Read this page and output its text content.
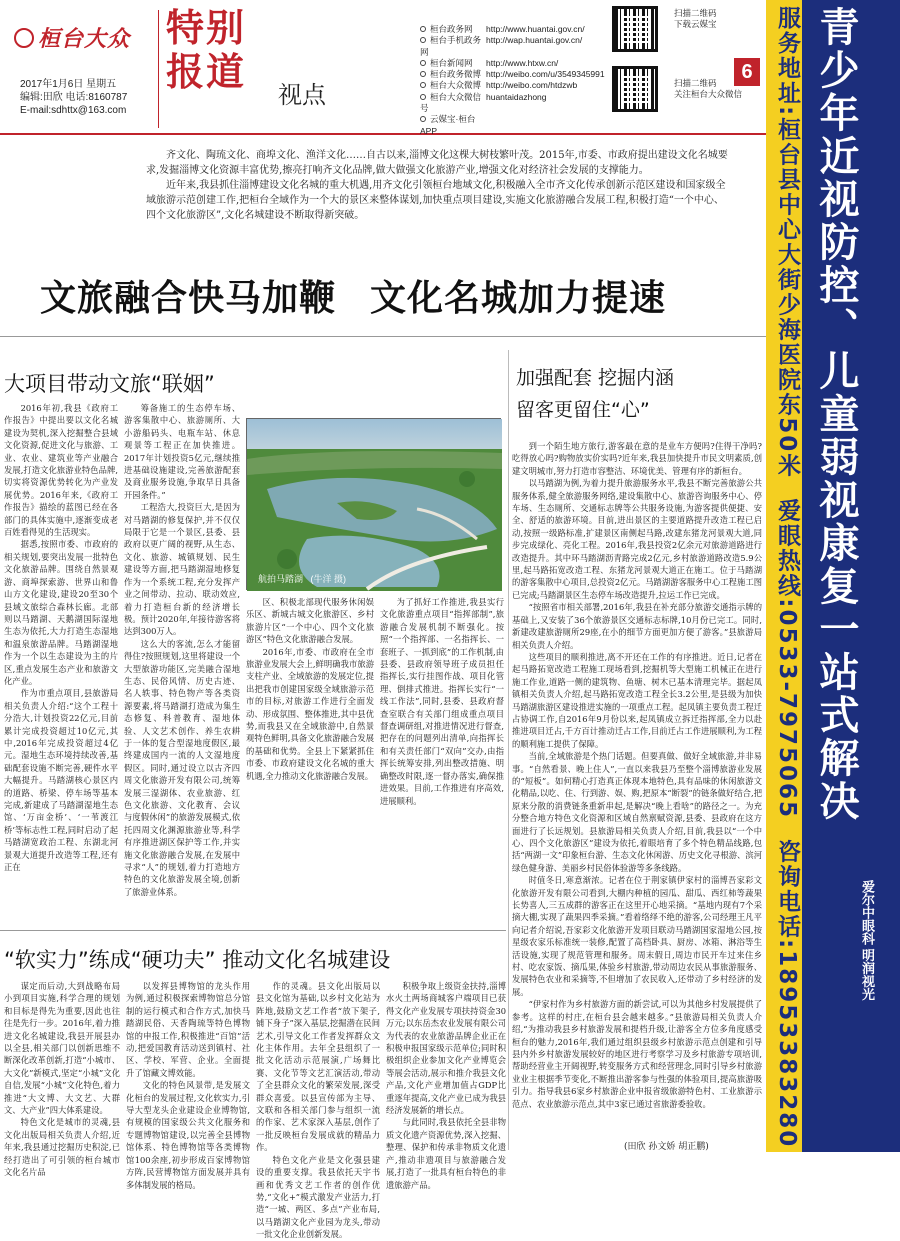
桓台大众
2017年1月6日 星期五
编辑:田欣 电话:8160787
E-mail:sdhttx@163.com
特别
报道
视点
桓台政务网	http://www.huantai.gov.cn/
桓台手机政务网
http://wap.huantai.gov.cn/
桓台新闻网	http://www.htxw.cn/
桓台政务微博 http://weibo.com/u/3549345991
桓台大众微博 http://weibo.com/htdzwb
桓台大众微信号
huantaidazhong
云媒宝·桓台APP
扫描二维码
下载云媒宝
扫描二维码
关注桓台大众微信
6

齐文化、陶琉文化、商埠文化、渔洋文化……自古以来,淄博文化这棵大树枝繁叶茂。2015年,市委、市政府提出建设文化名城要求,发掘淄博文化资源丰富优势,擦亮打响齐文化品牌,做大做强文化旅游产业,增强文化对经济社会发展的支撑能力。

近年来,我县抓住淄博建设文化名城的重大机遇,用齐文化引领桓台地域文化,积极融入全市齐文化传承创新示范区建设和国家级全域旅游示范创建工作,把桓台全域作为一个大的景区来整体谋划,加快重点项目建设,实施文化旅游融合发展工程,积极打造“一个中心、四个文化旅游区”,文化名城建设不断取得新突破。

文旅融合快马加鞭 文化名城加力提速
大项目带动文旅“联姻”

2016年初,我县《政府工作报告》中提出要以文化名城建设为契机,深入挖掘整合县域文化资源,促进文化与旅游、工业、农业、建筑业等产业融合发展,打造文化旅游业特色品牌,切实将资源优势转化为产业发展优势。2016年来,《政府工作报告》描绘的蓝图已经在各部门的具体实施中,逐渐变成老百姓看得见的生活现实。

据悉,按照市委、市政府的相关规划,要突出发展一批特色文化旅游品牌。围绕自然景观游、商埠探索游、世界山和鲁山方文化建设,建设20至30个县域文旅综合森林长廊。北部则以马踏湖、天鹅湖国际湿地生态为依托,大力打造生态湿地和温泉旅游品牌。马踏湖湿地作为一个以生态建设为主的片区,重点发展生态产业和旅游文化产业。

作为市重点项目,县旅游局相关负责人介绍:“这个工程十分浩大,计划投资22亿元,目前累计完成投资超过10亿元,其中,2016年完成投资超过4亿元。湿地生态环境持续改善,基础配套设施不断完善,硬件水平大幅提升。马踏湖核心景区内的道路、桥梁、停车场等基本完成,新建成了马踏湖湿地生态馆、‘万亩金桥’、‘一苇渡江桥’等标志性工程,同时启动了起马踏湖宽政治工程、东湖北河景观大道提升改造等工程,还有正在

筹备施工的生态停车场、游客集散中心、旅游厕所、大小游船码头、电瓶车站、休息观景等工程正在加快推进。2017年计划投资5亿元,继续推进基础设施建设,完善旅游配套及商业服务设施,争取早日具备开园条件。”

工程浩大,投资巨大,是因为对马踏湖的修复保护,并不仅仅局限于它是一个景区,县委、县政府以更广阔的视野,从生态、文化、旅游、城镇规划、民生建设等方面,把马踏湖湿地修复作为一个系统工程,充分发挥产业之间带动、拉动、联动效应,着力打造桓台新的经济增长极。预计2020年,年接待游客将达到300万人。

这么大的客流,怎么才能留得住?按照规划,这里将建设一个大型旅游功能区,完美融合湿地生态、民俗风情、历史古迹、名人轶事、特色物产等各类资源要素,将马踏湖打造成为集生态修复、科普教育、湿地体验、人文艺术创作、养生农耕于一体的复合型湿地度假区,最终建成国内一流的人文湿地度假区。同时,通过设立以古齐四周文化旅游开发有限公司,统筹发展三湿湖体、农业旅游、红色文化旅游、文化教育、会议与度假休闲”的旅游发展模式,依托四周文化渊源旅游业等,科学有序推进湖区保护等工作,并实施文化旅游融合发展,在发展中寻求“人”的规划,着力打造地方特色的文化旅游发展全境,创新了旅游业体系。

航拍马踏湖 (牛洋 摄)

区、积极北部现代服务休闲娱乐区、新城古城文化旅游区、乡村旅游片区“一个中心、四个文化旅游区”特色文化旅游融合发展。

2016年,市委、市政府在全市旅游业发展大会上,鲜明确我市旅游支柱产业、全域旅游的发展定位,提出把我市创建国家级全域旅游示范市的目标,对旅游工作进行全面发动、形成氛围、整体推进,其中县优势,而我县又在全域旅游中,自然景观特色鲜明,具备文化旅游融合发展的基础和优势。全县上下紧紧抓住市委、市政府建设文化名城的重大机遇,全力推动文化旅游融合发展。

为了抓好工作推进,我县实行文化旅游重点项目“指挥部制”,旅游融合发展机制不断强化。按照“一个指挥部、一名指挥长、一套班子、一抓到底”的工作机制,由县委、县政府领导班子成员担任指挥长,实行挂图作战、项目化管理、倒排式推进。指挥长实行“一线工作法”,同时,县委、县政府督查室联合有关部门组成重点项目督查调研组,对推进情况进行督查,把存在的问题列出清单,向指挥长和有关责任部门“双向”交办,由指挥长统筹安排,列出整改措施、明确整改时限,逐一督办落实,确保推进效果。目前,工作推进有序高效,进展顺利。

加强配套 挖掘内涵
留客更留住“心”

到一个陌生地方旅行,游客最在意的是业车方便吗?住得干净吗?吃得放心吗?购物放实价实吗?近年来,我县加快提升市民文明素质,创建文明城市,努力打造市容整洁、环境优美、管理有序的新桓台。

以马踏湖为例,为着力提升旅游服务水平,我县不断完善旅游公共服务体系,健全旅游服务网络,建设集散中心、旅游咨询服务中心、停车场、生态厕所、交通标志牌等公共服务设施,为游客提供便捷、安全、舒适的旅游环境。目前,进出景区的主要道路提升改造工程已启动,按照一级路标准,扩建景区南侧起马路,改建东猪龙河景观大道,同步完成绿化、亮化工程。2016年,我县投资2亿余元对旅游道路进行改造提升。其中环马踏湖沥青路完成2亿元,乡村旅游道路改造5.9公里,起马路拓宽改造工程、东猪龙河景观大道正在施工。位于马踏湖的游客集散中心项目,总投资2亿元。马踏湖游客服务中心工程施工图已完成;马踏湖景区生态停车场改造提升,拉运工作已完成。

“按照省市相关部署,2016年,我县在补充部分旅游交通指示牌的基础上,又安装了36个旅游景区交通标志标牌,10月份已完工。同时,新建改建旅游厕所29座,在小的细节方面更加方便了游客。”县旅游局相关负责人介绍。

这些项目的顺利推进,离不开还在工作的有序推进。近日,记者在起马路拓宽改造工程施工现场看到,挖掘机等大型施工机械正在进行施工作业,道路一侧的建筑物、鱼塘、树木已基本清理完毕。据起凤镇相关负责人介绍,起马路拓宽改造工程全长3.2公里,是县级为加快马踏湖旅游区建设推进实施的一项重点工程。起凤镇主要负责工程迁占协调工作,自2016年9月份以来,起凤镇成立拆迁指挥部,全力以赴推进项目迁占,千方百计推动迁占工作,目前迁占工作进展顺利,为工程的顺利施工提供了保障。

当前,全域旅游是个热门话题。但要真做、做好全域旅游,并非易事。“自然看景、晚上住人”,一直以来我县乃至整个淄博旅游业发展的“短板”。如何精心打造真正体现本地特色,具有品味的休闲旅游文化精品,以吃、住、行到游、娱、购,把原本“断裂”的链条做好结合,把原来分散的消费链条重新串起,是解决“晚上看啥”的路径之一。为充分整合地方特色文化资源和区域自然禀赋资源,县委、县政府在这方面进行了长远规划。县旅游局相关负责人介绍,目前,我县以“一个中心、四个文化旅游区”建设为依托,着眼培育了多个特色精品线路,包括“两湖一文”印象桓台游、生态文化休闲游、历史文化寻根游、滨河绿色健身游、美丽乡村民俗体验游等多条线路。

时值冬日,寒意渐浓。记者在位于荆家镇伊家村的淄博吾家彩文化旅游开发有限公司看到,大棚内种植的园瓜、甜瓜、西红柿等蔬果长势喜人,三五成群的游客正在这里开心地采摘。“基地内现有7个采摘大棚,实现了蔬果四季采摘。”看着络绎不绝的游客,公司经理王凡平向记者介绍说,吾家彩文化旅游开发项目联动马踏湖国家湿地公园,按星级农家乐标准统一装修,配置了高档卧具、厨房、冰箱、淋浴等生活设施,实现了规范管理和服务。周末假日,周边市民开车过来住乡村、吃农家饭、摘瓜果,体验乡村旅游,带动周边农民从事旅游服务、发展特色农业和采摘等,不但增加了农民收入,还带动了乡村经济的发展。

“伊家村作为乡村旅游方面的新尝试,可以为其他乡村发展提供了参考。这样的村庄,在桓台县会越来越多。”县旅游局相关负责人介绍,“为推动我县乡村旅游发展和提档升级,让游客全方位多角度感受桓台的魅力,2016年,我们通过组织县级乡村旅游示范点创建和引导县内外乡村旅游发展较好的地区进行考察学习及乡村旅游专项培训,帮助经营业主开阔视野,转变服务方式和经营理念,同时引导乡村旅游业业主根据季节变化,不断推出游客参与性强的体验项目,提高旅游吸引力。指导我县6家乡村旅游企业申报省级旅游特色村、工业旅游示范点、农业旅游示范点,其中3家已通过省旅游委验收。

(田欣 孙文娇 胡正鹏)
“软实力”练成“硬功夫” 推动文化名城建设

谋定而后动,大到战略布局小到项目实施,科学合理的规划和目标是得先为重要,因此也往往是先行一步。2016年,着力推进文化名城建设,我县开展县办以全县,相关部门以创新思维不断深化改革创新,打造“小城市、大文化”新模式,坚定“小城”文化自信,发展“小城”文化特色,着力推进“大文博、大文艺、大群文、大产业”四大体系建设。

特色文化是城市的灵魂,县文化出版局相关负责人介绍,近年来,我县通过挖掘历史积淀,已经打造出了可引领的桓台城市文化名片品

以发挥县博物馆的龙头作用为例,通过积极探索博物馆总分馆制的运行模式和合作方式,加快马踏湖民俗、天香陶琉等特色博物馆的申报工作,积极推进“百馆”活动,把爱国教育活动送到镇村、社区、学校、军营、企业。全面提升了馆藏文博效能。

文化的特色风景带,是发展文化桓台的发展过程,文化软实力,引导大型龙头企业建设企业博物馆,有规模的国家级公共文化服务和专题博物馆建设,以完善全县博物馆体系、特色博物馆等各类博物馆100余座,初步形成百家博物馆方阵,民营博物馆方面发展并具有多体制发展的格局。

作的灵魂。县文化出版局以县文化馆为基础,以乡村文化站为阵地,鼓励文艺工作者“放下架子,铺下身子”深入基层,挖掘潜在民间艺术,引导文化工作者发挥群众文化主体作用。去年全县组织了一批文化活动示范展演,广场舞比赛、文化节等文艺汇演活动,带动了全县群众文化的繁荣发展,深受群众喜爱。以县宣传部为主导、文联和各相关部门参与组织一流的作家、艺术家深入基层,创作了一批反映桓台发展成就的精品力作。

特色文化产业是文化强县建设的重要支撑。我县依托天宇书画和优秀文艺工作者的创作优势,“文化+”模式激发产业活力,打造“一城、两区、多点”产业布局,以马踏湖文化产业园为龙头,带动一批文化企业创新发展。

积极争取上级资金扶持,淄博水火土两场商城客户端项目已获得文化产业发展专项扶持资金30万元;以东岳杰农业发展有限公司为代表的农业旅游品牌企业正在积极申报国家级示范单位;同时积极组织企业参加文化产业博览会等展会活动,展示和推介我县文化产品,文化产业增加值占GDP比重逐年提高,文化产业已成为我县经济发展新的增长点。

与此同时,我县依托全县非物质文化遗产资源优势,深入挖掘、整理、保护和传承非物质文化遗产,推动非遗项目与旅游融合发展,打造了一批具有桓台特色的非遗旅游产品。

服务地址:桓台县中心大街少海医院东50米  爱眼热线:0533-7975065  咨询电话:18953383280
青少年近视防控、儿童弱视康复一站式解决
爱尔中眼科 明润视光
